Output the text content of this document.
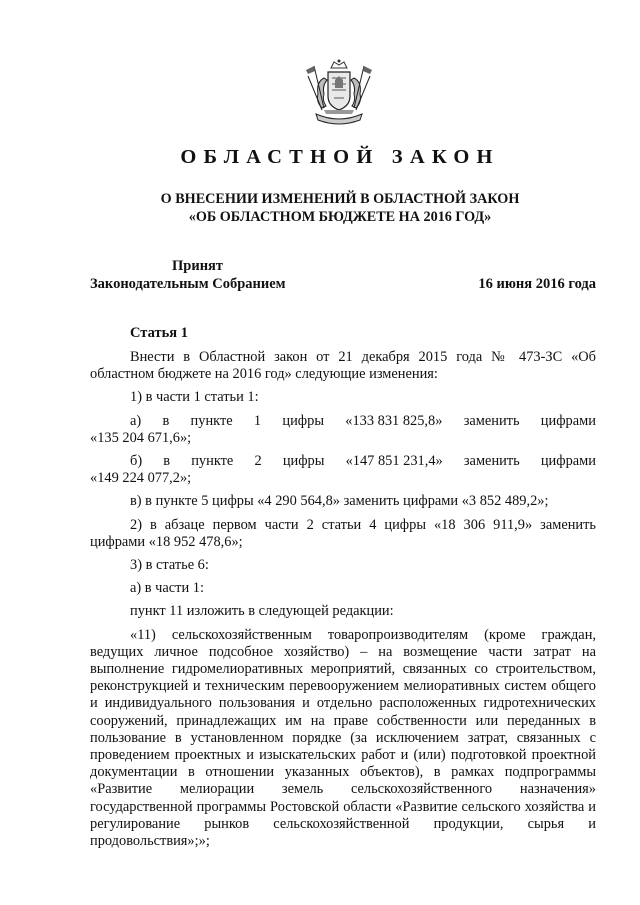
ОБЛАСТНОЙ ЗАКОН
О ВНЕСЕНИИ ИЗМЕНЕНИЙ В ОБЛАСТНОЙ ЗАКОН
«ОБ ОБЛАСТНОМ БЮДЖЕТЕ НА 2016 ГОД»
Принят
Законодательным Собранием	16 июня 2016 года
Статья 1

Внести в Областной закон от 21 декабря 2015 года № 473-ЗС «Об областном бюджете на 2016 год» следующие изменения:

1) в части 1 статьи 1:

а) в пункте 1 цифры «133 831 825,8» заменить цифрами
«135 204 671,6»;
б) в пункте 2 цифры «147 851 231,4» заменить цифрами
«149 224 077,2»;

в) в пункте 5 цифры «4 290 564,8» заменить цифрами «3 852 489,2»;

2) в абзаце первом части 2 статьи 4 цифры «18 306 911,9» заменить цифрами «18 952 478,6»;

3) в статье 6:

а) в части 1:

пункт 11 изложить в следующей редакции:

«11) сельскохозяйственным товаропроизводителям (кроме граждан, ведущих личное подсобное хозяйство) – на возмещение части затрат на выполнение гидромелиоративных мероприятий, связанных со строительством, реконструкцией и техническим перевооружением мелиоративных систем общего и индивидуального пользования и отдельно расположенных гидротехнических сооружений, принадлежащих им на праве собственности или переданных в пользование в установленном порядке (за исключением затрат, связанных с проведением проектных и изыскательских работ и (или) подготовкой проектной документации в отношении указанных объектов), в рамках подпрограммы «Развитие мелиорации земель сельскохозяйственного назначения» государственной программы Ростовской области «Развитие сельского хозяйства и регулирование рынков сельскохозяйственной продукции, сырья и продовольствия»;»;
